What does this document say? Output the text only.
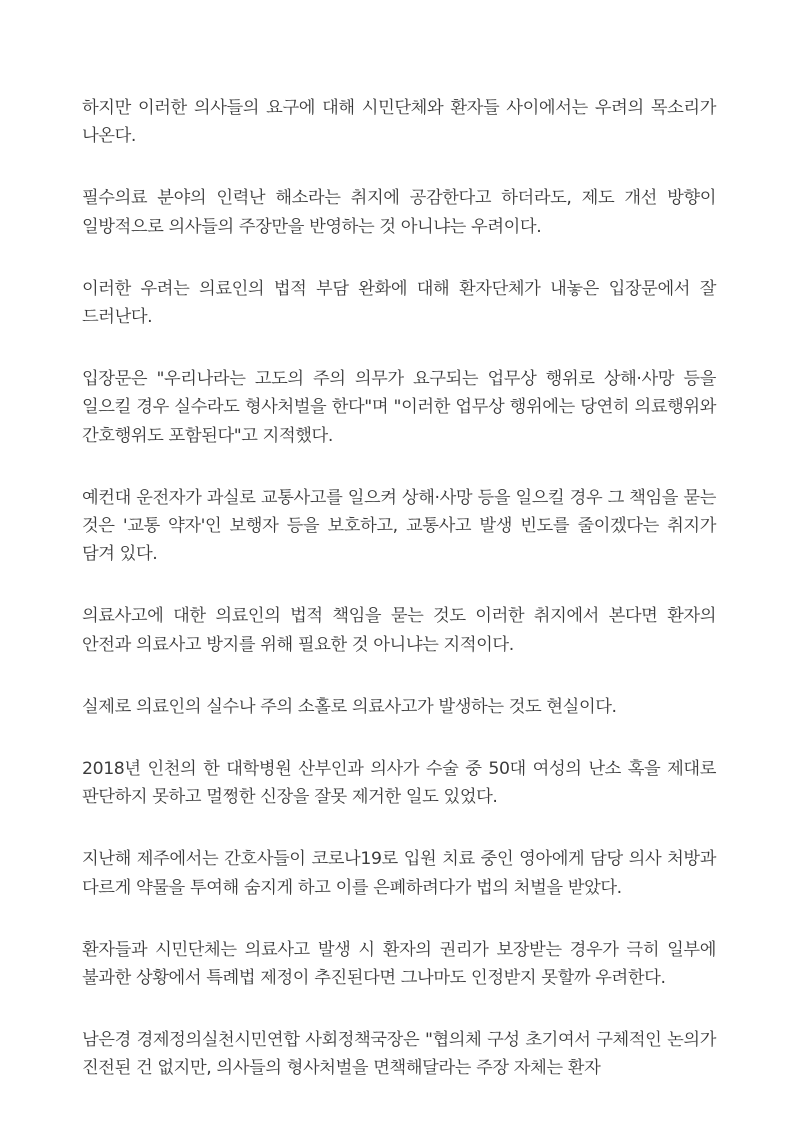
하지만 이러한 의사들의 요구에 대해 시민단체와 환자들 사이에서는 우려의 목소리가 나온다.

필수의료 분야의 인력난 해소라는 취지에 공감한다고 하더라도, 제도 개선 방향이 일방적으로 의사들의 주장만을 반영하는 것 아니냐는 우려이다.

이러한 우려는 의료인의 법적 부담 완화에 대해 환자단체가 내놓은 입장문에서 잘 드러난다.

입장문은 "우리나라는 고도의 주의 의무가 요구되는 업무상 행위로 상해·사망 등을 일으킬 경우 실수라도 형사처벌을 한다"며 "이러한 업무상 행위에는 당연히 의료행위와 간호행위도 포함된다"고 지적했다.

예컨대 운전자가 과실로 교통사고를 일으켜 상해·사망 등을 일으킬 경우 그 책임을 묻는 것은 '교통 약자'인 보행자 등을 보호하고, 교통사고 발생 빈도를 줄이겠다는 취지가 담겨 있다.

의료사고에 대한 의료인의 법적 책임을 묻는 것도 이러한 취지에서 본다면 환자의 안전과 의료사고 방지를 위해 필요한 것 아니냐는 지적이다.

실제로 의료인의 실수나 주의 소홀로 의료사고가 발생하는 것도 현실이다.

2018년 인천의 한 대학병원 산부인과 의사가 수술 중 50대 여성의 난소 혹을 제대로 판단하지 못하고 멀쩡한 신장을 잘못 제거한 일도 있었다.

지난해 제주에서는 간호사들이 코로나19로 입원 치료 중인 영아에게 담당 의사 처방과 다르게 약물을 투여해 숨지게 하고 이를 은폐하려다가 법의 처벌을 받았다.

환자들과 시민단체는 의료사고 발생 시 환자의 권리가 보장받는 경우가 극히 일부에 불과한 상황에서 특례법 제정이 추진된다면 그나마도 인정받지 못할까 우려한다.

남은경 경제정의실천시민연합 사회정책국장은 "협의체 구성 초기여서 구체적인 논의가 진전된 건 없지만, 의사들의 형사처벌을 면책해달라는 주장 자체는 환자
